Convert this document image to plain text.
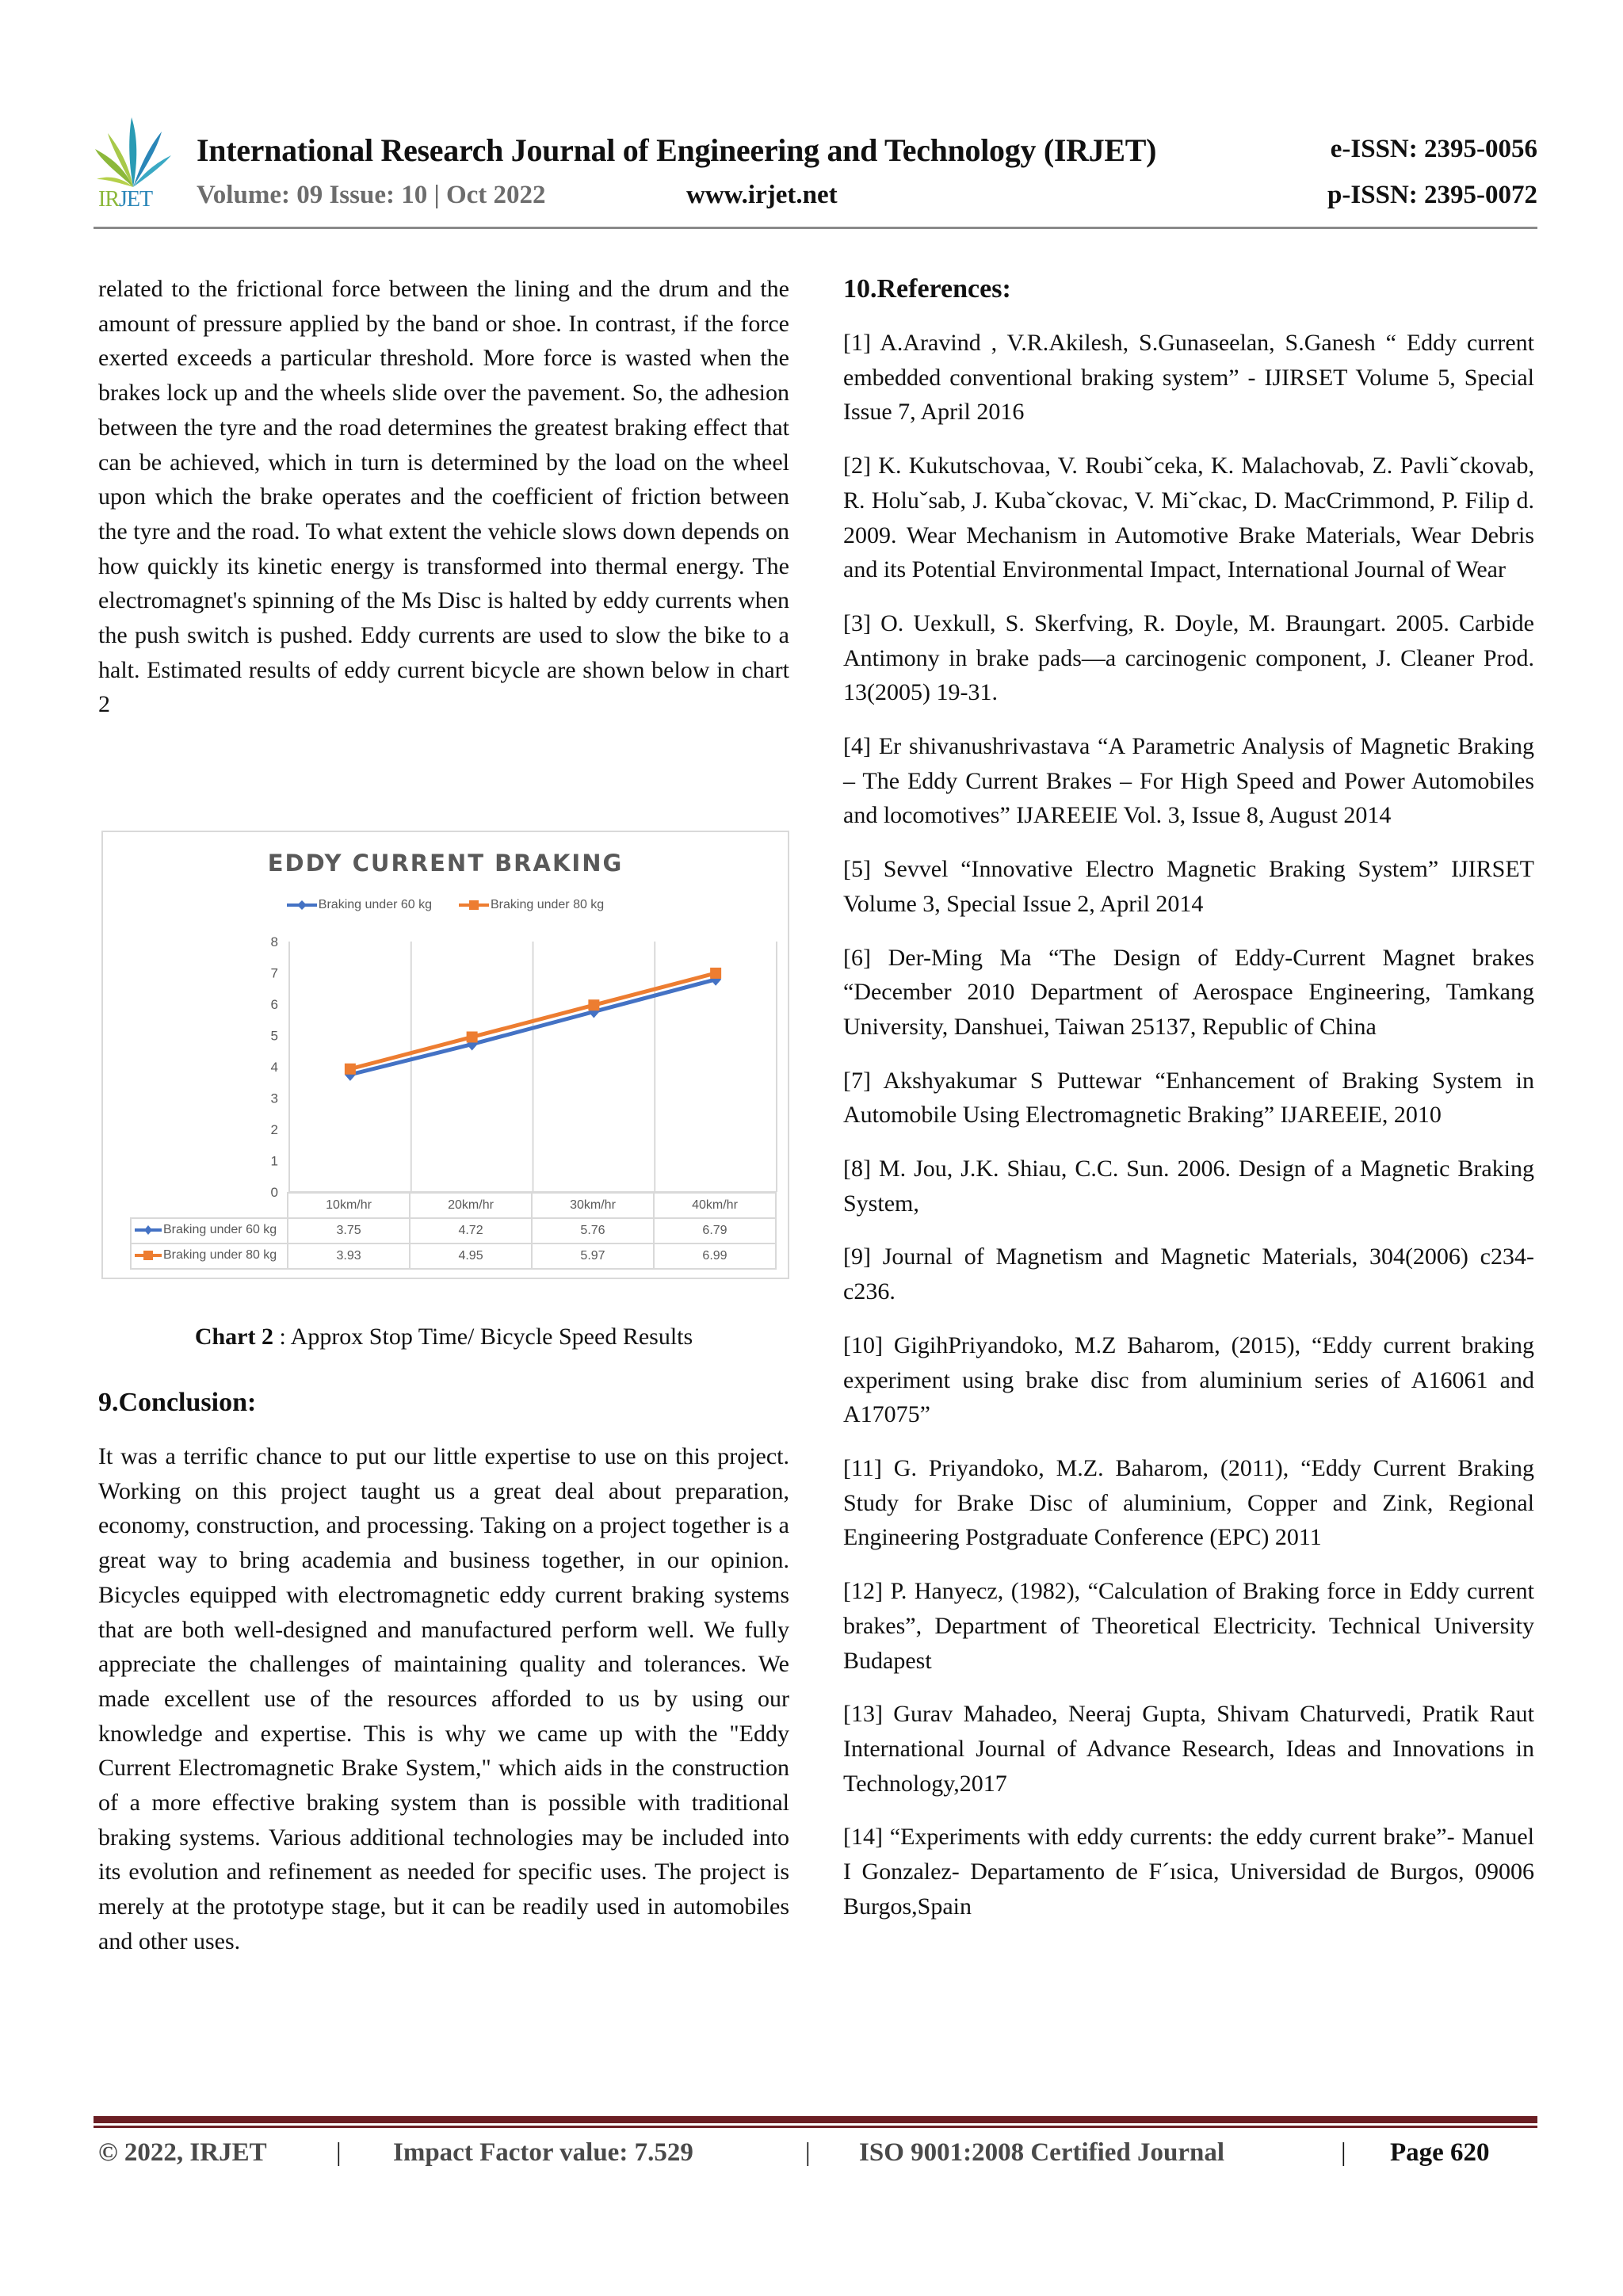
IRJET
International Research Journal of Engineering and Technology (IRJET)	e-ISSN: 2395-0056
Volume: 09 Issue: 10 | Oct 2022	www.irjet.net	p-ISSN: 2395-0072

related to the frictional force between the lining and the drum and the amount of pressure applied by the band or shoe. In contrast, if the force exerted exceeds a particular threshold. More force is wasted when the brakes lock up and the wheels slide over the pavement. So, the adhesion between the tyre and the road determines the greatest braking effect that can be achieved, which in turn is determined by the load on the wheel upon which the brake operates and the coefficient of friction between the tyre and the road. To what extent the vehicle slows down depends on how quickly its kinetic energy is transformed into thermal energy. The electromagnet's spinning of the Ms Disc is halted by eddy currents when the push switch is pushed. Eddy currents are used to slow the bike to a halt. Estimated results of eddy current bicycle are shown below in chart 2

EDDY CURRENT BRAKING
Braking under 60 kg	Braking under 80 kg
0
1
2
3
4
5
6
7
8
	10km/hr	20km/hr	30km/hr	40km/hr

Braking under 60 kg	3.75	4.72	5.76	6.79

Braking under 80 kg	3.93	4.95	5.97	6.99
Chart 2 : Approx Stop Time/ Bicycle Speed Results
9.Conclusion:

It was a terrific chance to put our little expertise to use on this project. Working on this project taught us a great deal about preparation, economy, construction, and processing. Taking on a project together is a great way to bring academia and business together, in our opinion. Bicycles equipped with electromagnetic eddy current braking systems that are both well-designed and manufactured perform well. We fully appreciate the challenges of maintaining quality and tolerances. We made excellent use of the resources afforded to us by using our knowledge and expertise. This is why we came up with the "Eddy Current Electromagnetic Brake System," which aids in the construction of a more effective braking system than is possible with traditional braking systems. Various additional technologies may be included into its evolution and refinement as needed for specific uses. The project is merely at the prototype stage, but it can be readily used in automobiles and other uses.

10.References:

[1] A.Aravind , V.R.Akilesh, S.Gunaseelan, S.Ganesh “ Eddy current embedded conventional braking system” - IJIRSET Volume 5, Special Issue 7, April 2016

[2] K. Kukutschovaa, V. Roubiˇceka, K. Malachovab, Z. Pavliˇckovab, R. Holuˇsab, J. Kubaˇckovac, V. Miˇckac, D. MacCrimmond, P. Filip d. 2009. Wear Mechanism in Automotive Brake Materials, Wear Debris and its Potential Environmental Impact, International Journal of Wear

[3] O. Uexkull, S. Skerfving, R. Doyle, M. Braungart. 2005. Carbide Antimony in brake pads—a carcinogenic component, J. Cleaner Prod. 13(2005) 19-31.

[4] Er shivanushrivastava “A Parametric Analysis of Magnetic Braking – The Eddy Current Brakes – For High Speed and Power Automobiles and locomotives” IJAREEIE Vol. 3, Issue 8, August 2014

[5] Sevvel “Innovative Electro Magnetic Braking System” IJIRSET Volume 3, Special Issue 2, April 2014

[6] Der-Ming Ma “The Design of Eddy-Current Magnet brakes “December 2010 Department of Aerospace Engineering, Tamkang University, Danshuei, Taiwan 25137, Republic of China

[7] Akshyakumar S Puttewar “Enhancement of Braking System in Automobile Using Electromagnetic Braking” IJAREEIE, 2010

[8] M. Jou, J.K. Shiau, C.C. Sun. 2006. Design of a Magnetic Braking System,

[9] Journal of Magnetism and Magnetic Materials, 304(2006) c234-c236.

[10] GigihPriyandoko, M.Z Baharom, (2015), “Eddy current braking experiment using brake disc from aluminium series of A16061 and A17075”

[11] G. Priyandoko, M.Z. Baharom, (2011), “Eddy Current Braking Study for Brake Disc of aluminium, Copper and Zink, Regional Engineering Postgraduate Conference (EPC) 2011

[12] P. Hanyecz, (1982), “Calculation of Braking force in Eddy current brakes”, Department of Theoretical Electricity. Technical University Budapest

[13] Gurav Mahadeo, Neeraj Gupta, Shivam Chaturvedi, Pratik Raut International Journal of Advance Research, Ideas and Innovations in Technology,2017

[14] “Experiments with eddy currents: the eddy current brake”- Manuel I Gonzalez- Departamento de F´ısica, Universidad de Burgos, 09006 Burgos,Spain

© 2022, IRJET	| Impact Factor value: 7.529	| ISO 9001:2008 Certified Journal	| Page 620
